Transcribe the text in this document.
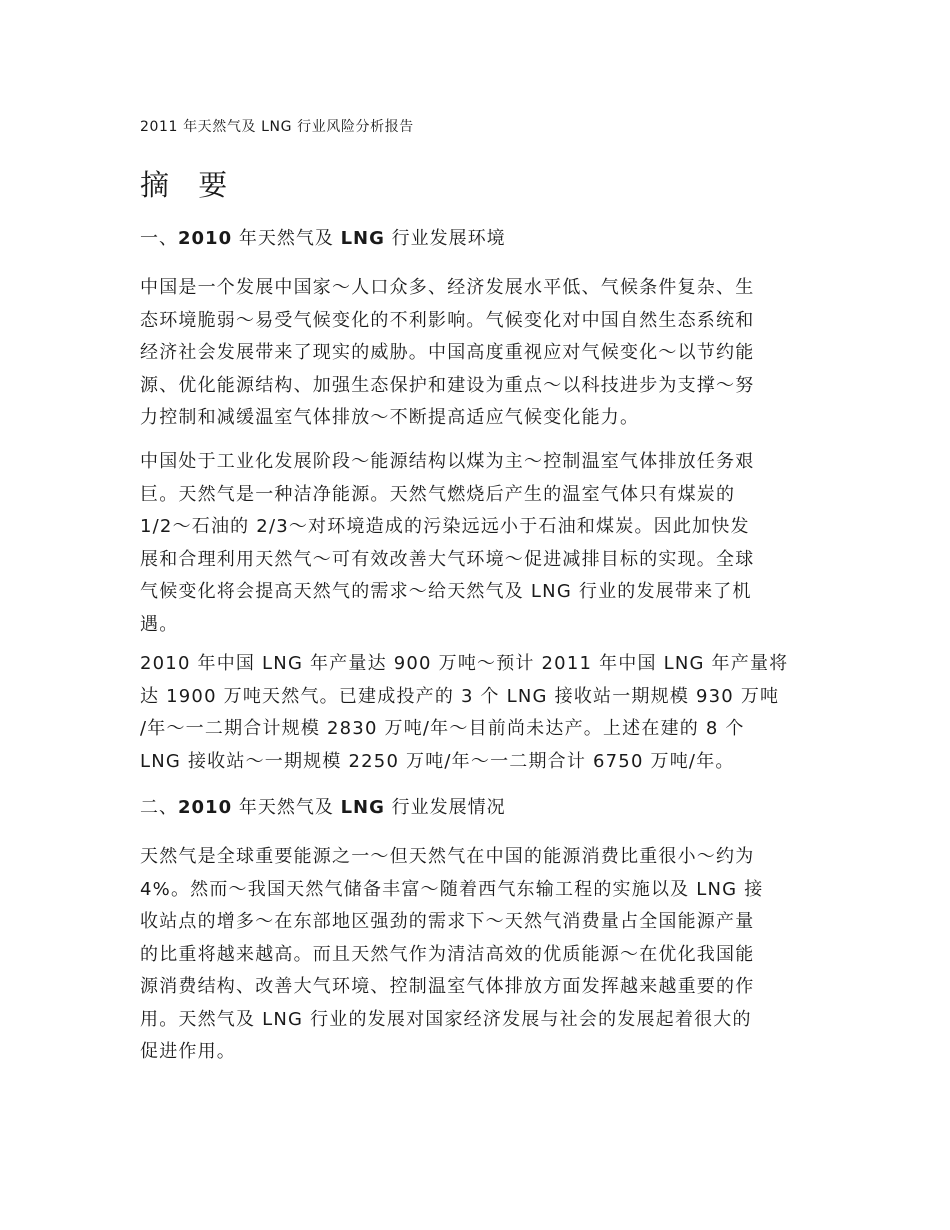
2011 年天然气及 LNG 行业风险分析报告
摘 要
一、2010 年天然气及 LNG 行业发展环境

中国是一个发展中国家～人口众多、经济发展水平低、气候条件复杂、生
态环境脆弱～易受气候变化的不利影响。气候变化对中国自然生态系统和
经济社会发展带来了现实的威胁。中国高度重视应对气候变化～以节约能
源、优化能源结构、加强生态保护和建设为重点～以科技进步为支撑～努
力控制和减缓温室气体排放～不断提高适应气候变化能力。

中国处于工业化发展阶段～能源结构以煤为主～控制温室气体排放任务艰
巨。天然气是一种洁净能源。天然气燃烧后产生的温室气体只有煤炭的
1/2～石油的 2/3～对环境造成的污染远远小于石油和煤炭。因此加快发
展和合理利用天然气～可有效改善大气环境～促进减排目标的实现。全球
气候变化将会提高天然气的需求～给天然气及 LNG 行业的发展带来了机
遇。

2010 年中国 LNG 年产量达 900 万吨～预计 2011 年中国 LNG 年产量将
达 1900 万吨天然气。已建成投产的 3 个 LNG 接收站一期规模 930 万吨
/年～一二期合计规模 2830 万吨/年～目前尚未达产。上述在建的 8 个
LNG 接收站～一期规模 2250 万吨/年～一二期合计 6750 万吨/年。

二、2010 年天然气及 LNG 行业发展情况

天然气是全球重要能源之一～但天然气在中国的能源消费比重很小～约为
4%。然而～我国天然气储备丰富～随着西气东输工程的实施以及 LNG 接
收站点的增多～在东部地区强劲的需求下～天然气消费量占全国能源产量
的比重将越来越高。而且天然气作为清洁高效的优质能源～在优化我国能
源消费结构、改善大气环境、控制温室气体排放方面发挥越来越重要的作
用。天然气及 LNG 行业的发展对国家经济发展与社会的发展起着很大的
促进作用。
